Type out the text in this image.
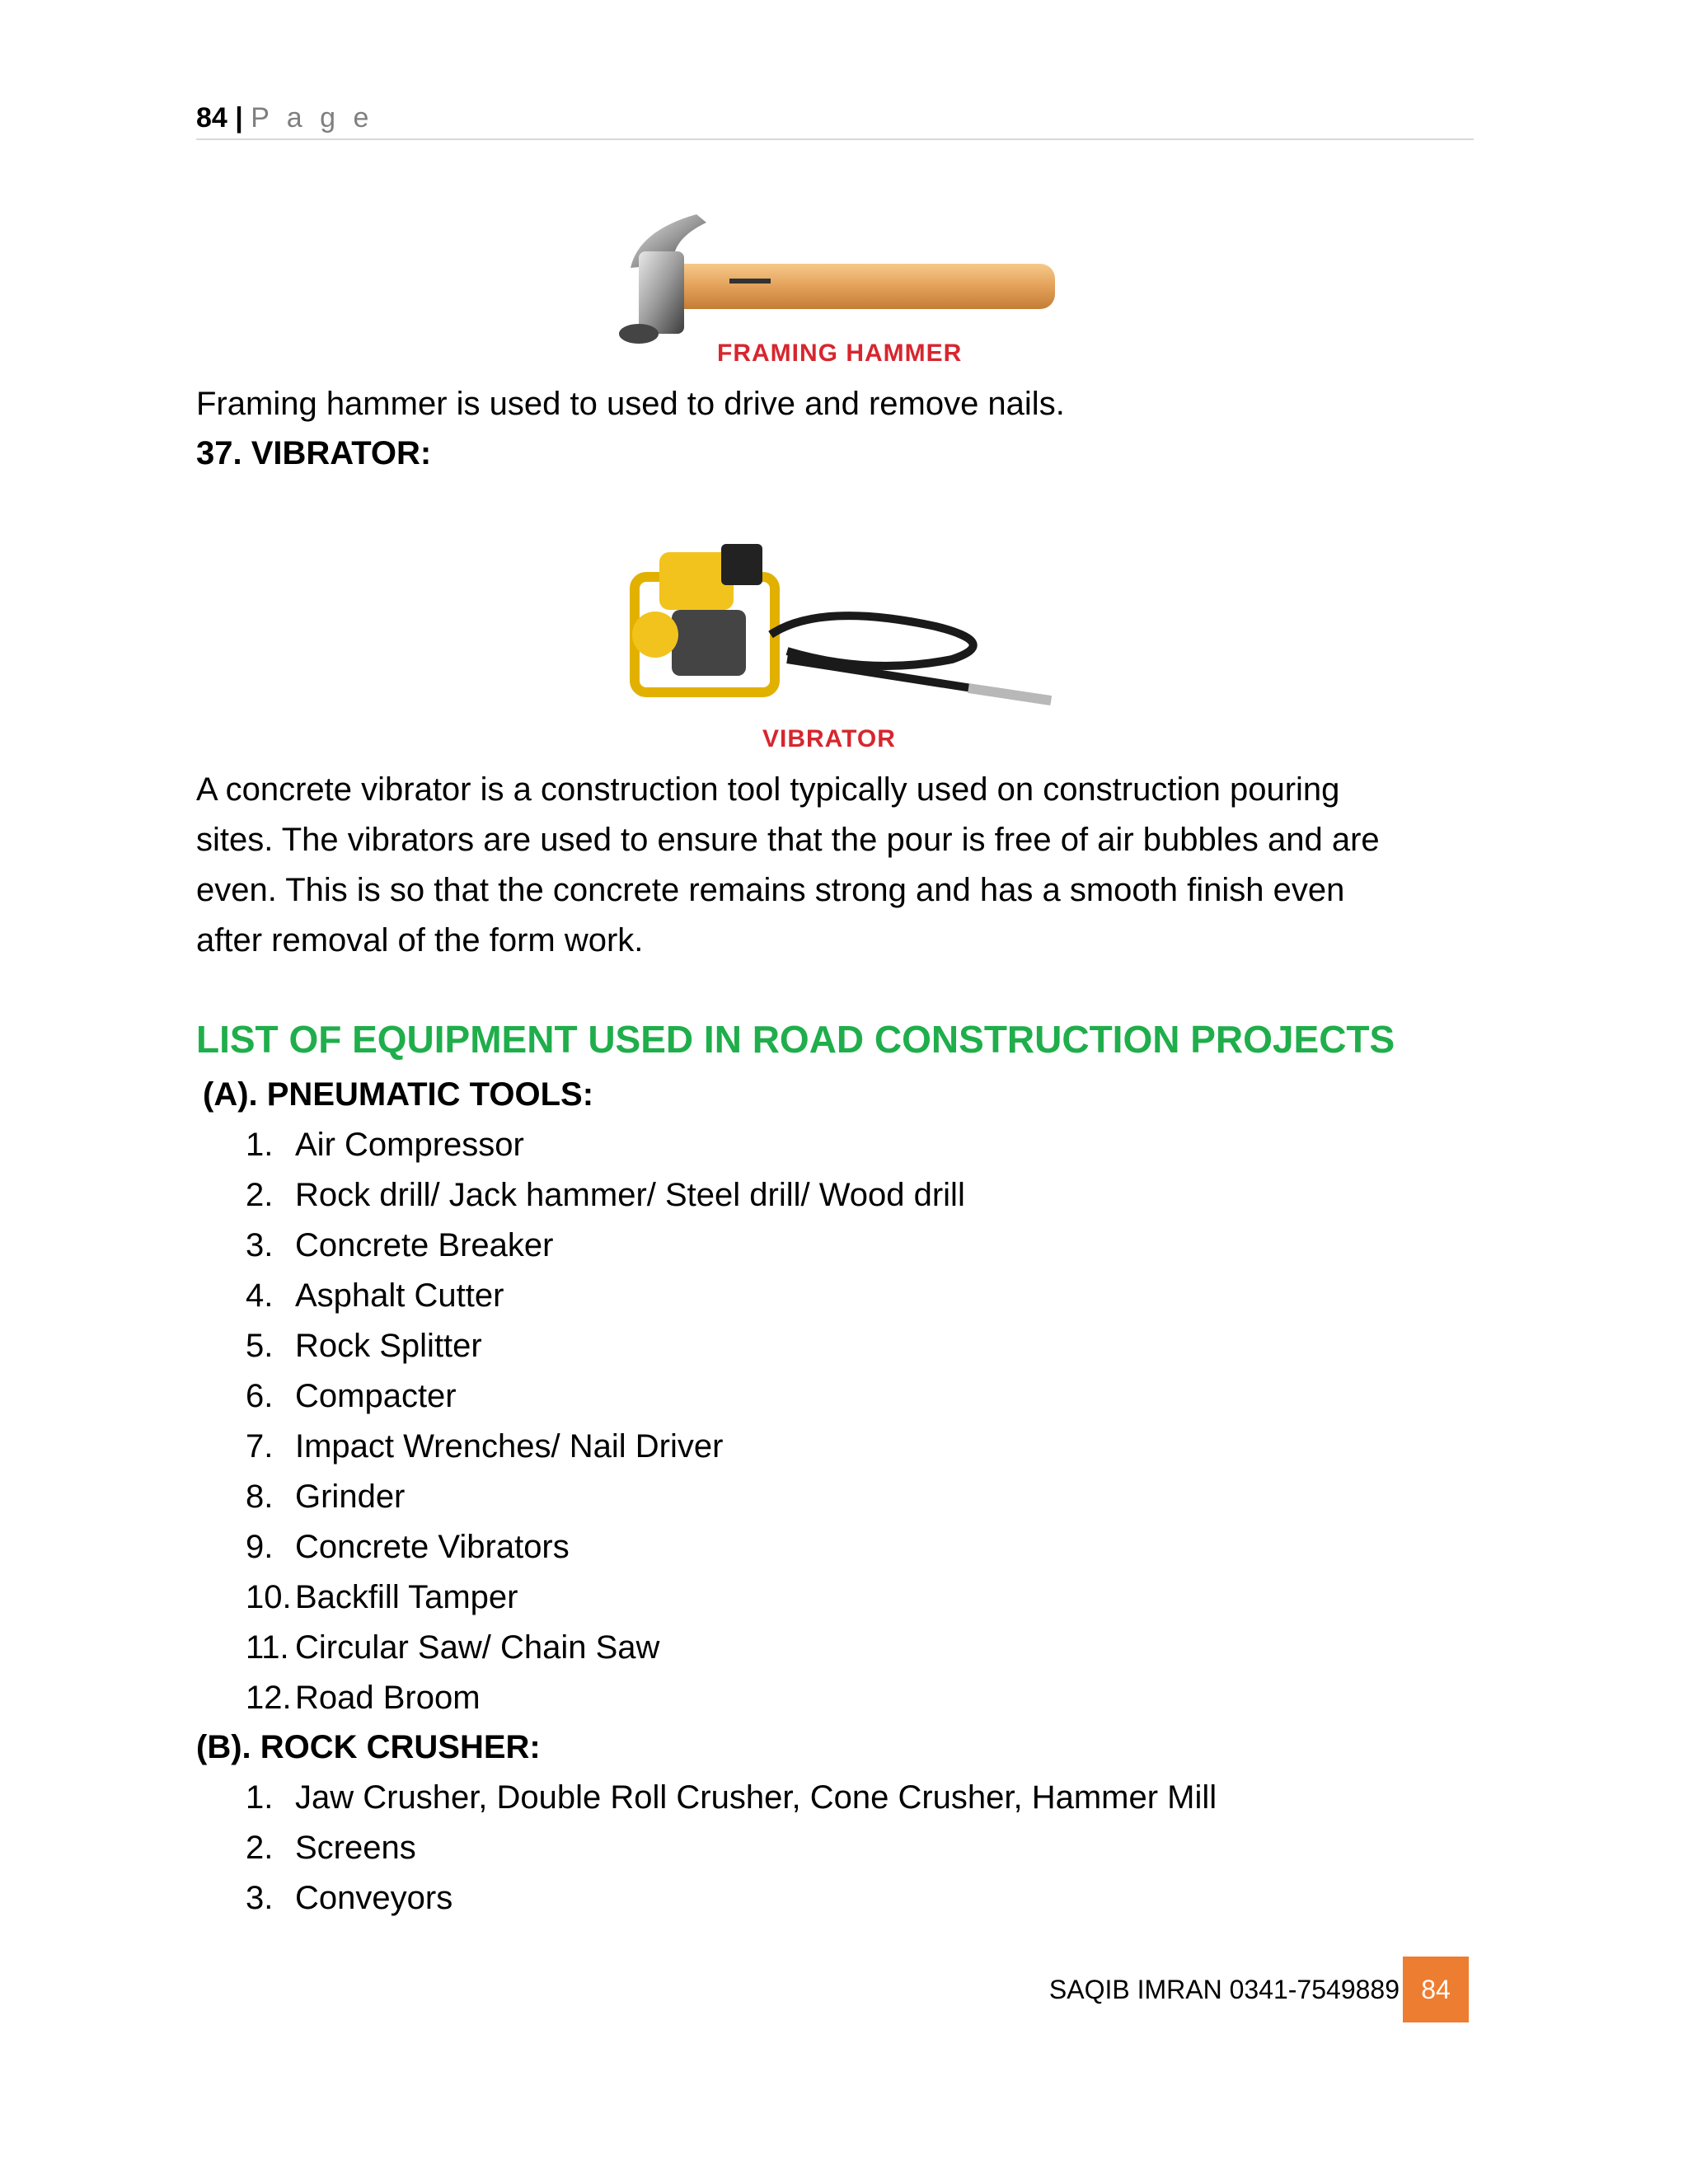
84 | P a g e
FRAMING HAMMER

Framing hammer is used to used to drive and remove nails.

37. VIBRATOR:
VIBRATOR
A concrete vibrator is a construction tool typically used on construction pouring
sites. The vibrators are used to ensure that the pour is free of air bubbles and are
even. This is so that the concrete remains strong and has a smooth finish even
after removal of the form work.
LIST OF EQUIPMENT USED IN ROAD CONSTRUCTION PROJECTS
(A). PNEUMATIC TOOLS:
1. Air Compressor
2. Rock drill/ Jack hammer/ Steel drill/ Wood drill
3. Concrete Breaker
4. Asphalt Cutter
5. Rock Splitter
6. Compacter
7. Impact Wrenches/ Nail Driver
8. Grinder
9. Concrete Vibrators
10. Backfill Tamper
11. Circular Saw/ Chain Saw
12. Road Broom
(B). ROCK CRUSHER:
1. Jaw Crusher, Double Roll Crusher, Cone Crusher, Hammer Mill
2. Screens
3. Conveyors
SAQIB IMRAN 0341-7549889 84
